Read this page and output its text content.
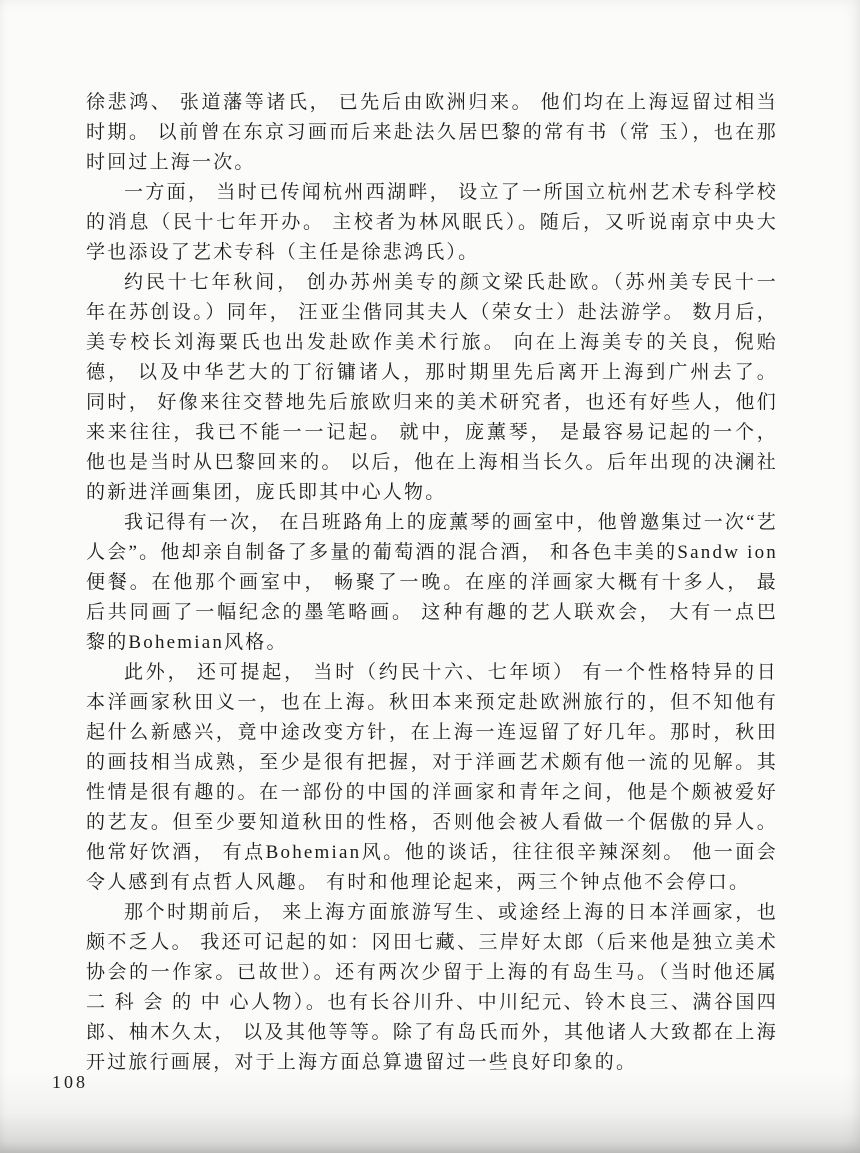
徐悲鸿、 张道藩等诸氏， 已先后由欧洲归来。 他们均在上海逗留过相当时期。 以前曾在东京习画而后来赴法久居巴黎的常有书（常 玉），也在那时回过上海一次。

一方面， 当时已传闻杭州西湖畔， 设立了一所国立杭州艺术专科学校的消息（民十七年开办。 主校者为林风眠氏）。随后，又听说南京中央大学也添设了艺术专科（主任是徐悲鸿氏）。

约民十七年秋间， 创办苏州美专的颜文梁氏赴欧。（苏州美专民十一年在苏创设。）同年， 汪亚尘偕同其夫人（荣女士）赴法游学。 数月后， 美专校长刘海粟氏也出发赴欧作美术行旅。 向在上海美专的关良，倪贻德， 以及中华艺大的丁衍镛诸人，那时期里先后离开上海到广州去了。 同时， 好像来往交替地先后旅欧归来的美术研究者，也还有好些人，他们来来往往，我已不能一一记起。 就中，庞薰琴， 是最容易记起的一个， 他也是当时从巴黎回来的。 以后，他在上海相当长久。后年出现的决澜社的新进洋画集团，庞氏即其中心人物。

我记得有一次， 在吕班路角上的庞薰琴的画室中，他曾邀集过一次“艺人会”。他却亲自制备了多量的葡萄酒的混合酒， 和各色丰美的Sandw ion便餐。在他那个画室中， 畅聚了一晚。在座的洋画家大概有十多人， 最后共同画了一幅纪念的墨笔略画。 这种有趣的艺人联欢会， 大有一点巴黎的Bohemian风格。

此外， 还可提起， 当时（约民十六、七年顷） 有一个性格特异的日本洋画家秋田义一，也在上海。秋田本来预定赴欧洲旅行的，但不知他有起什么新感兴，竟中途改变方针，在上海一连逗留了好几年。那时，秋田的画技相当成熟，至少是很有把握，对于洋画艺术颇有他一流的见解。其性情是很有趣的。在一部份的中国的洋画家和青年之间，他是个颇被爱好的艺友。但至少要知道秋田的性格，否则他会被人看做一个倨傲的异人。他常好饮酒， 有点Bohemian风。他的谈话，往往很辛辣深刻。 他一面会令人感到有点哲人风趣。 有时和他理论起来，两三个钟点他不会停口。

那个时期前后， 来上海方面旅游写生、或途经上海的日本洋画家，也颇不乏人。 我还可记起的如：冈田七藏、三岸好太郎（后来他是独立美术协会的一作家。已故世）。还有两次少留于上海的有岛生马。（当时他还属 二 科 会 的 中 心人物）。也有长谷川升、中川纪元、铃木良三、满谷国四郎、柚木久太， 以及其他等等。除了有岛氏而外，其他诸人大致都在上海开过旅行画展，对于上海方面总算遗留过一些良好印象的。

108
